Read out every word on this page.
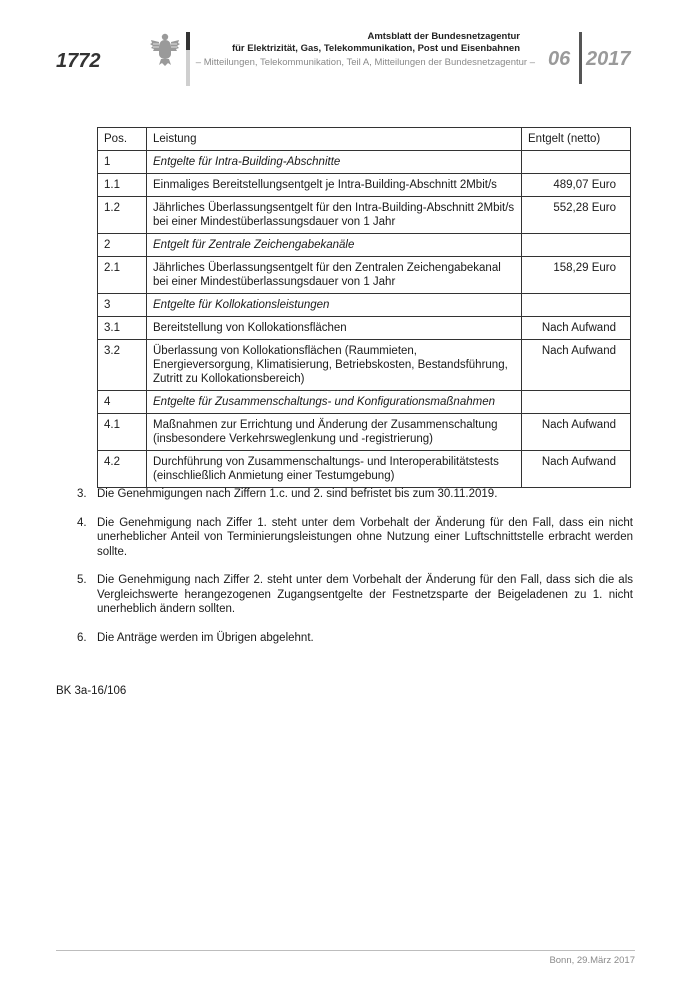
1772
Amtsblatt der Bundesnetzagentur
für Elektrizität, Gas, Telekommunikation, Post und Eisenbahnen
– Mitteilungen, Telekommunikation, Teil A, Mitteilungen der Bundesnetzagentur – 06 2017
Pos.	Leistung	Entgelt (netto)
1	Entgelte für Intra-Building-Abschnitte	
1.1	Einmaliges Bereitstellungsentgelt je Intra-Building-Abschnitt 2Mbit/s	489,07 Euro
1.2	Jährliches Überlassungsentgelt für den Intra-Building-Abschnitt 2Mbit/s bei einer Mindestüberlassungsdauer von 1 Jahr	552,28 Euro
2	Entgelt für Zentrale Zeichengabekanäle	
2.1	Jährliches Überlassungsentgelt für den Zentralen Zeichengabekanal bei einer Mindestüberlassungsdauer von 1 Jahr	158,29 Euro
3	Entgelte für Kollokationsleistungen	
3.1	Bereitstellung von Kollokationsflächen	Nach Aufwand
3.2	Überlassung von Kollokationsflächen (Raummieten, Energieversorgung, Klimatisierung, Betriebskosten, Bestandsführung, Zutritt zu Kollokationsbereich)	Nach Aufwand
4	Entgelte für Zusammenschaltungs- und Konfigurationsmaßnahmen	
4.1	Maßnahmen zur Errichtung und Änderung der Zusammenschaltung (insbesondere Verkehrsweglenkung und -registrierung)	Nach Aufwand
4.2	Durchführung von Zusammenschaltungs- und Interoperabilitätstests (einschließlich Anmietung einer Testumgebung)	Nach Aufwand
3. Die Genehmigungen nach Ziffern 1.c. und 2. sind befristet bis zum 30.11.2019.
4. Die Genehmigung nach Ziffer 1. steht unter dem Vorbehalt der Änderung für den Fall, dass ein nicht unerheblicher Anteil von Terminierungsleistungen ohne Nutzung einer Luftschnittstelle erbracht werden sollte.
5. Die Genehmigung nach Ziffer 2. steht unter dem Vorbehalt der Änderung für den Fall, dass sich die als Vergleichswerte herangezogenen Zugangsentgelte der Festnetzsparte der Beigeladenen zu 1. nicht unerheblich ändern sollten.
6. Die Anträge werden im Übrigen abgelehnt.
BK 3a-16/106
Bonn, 29.März 2017
